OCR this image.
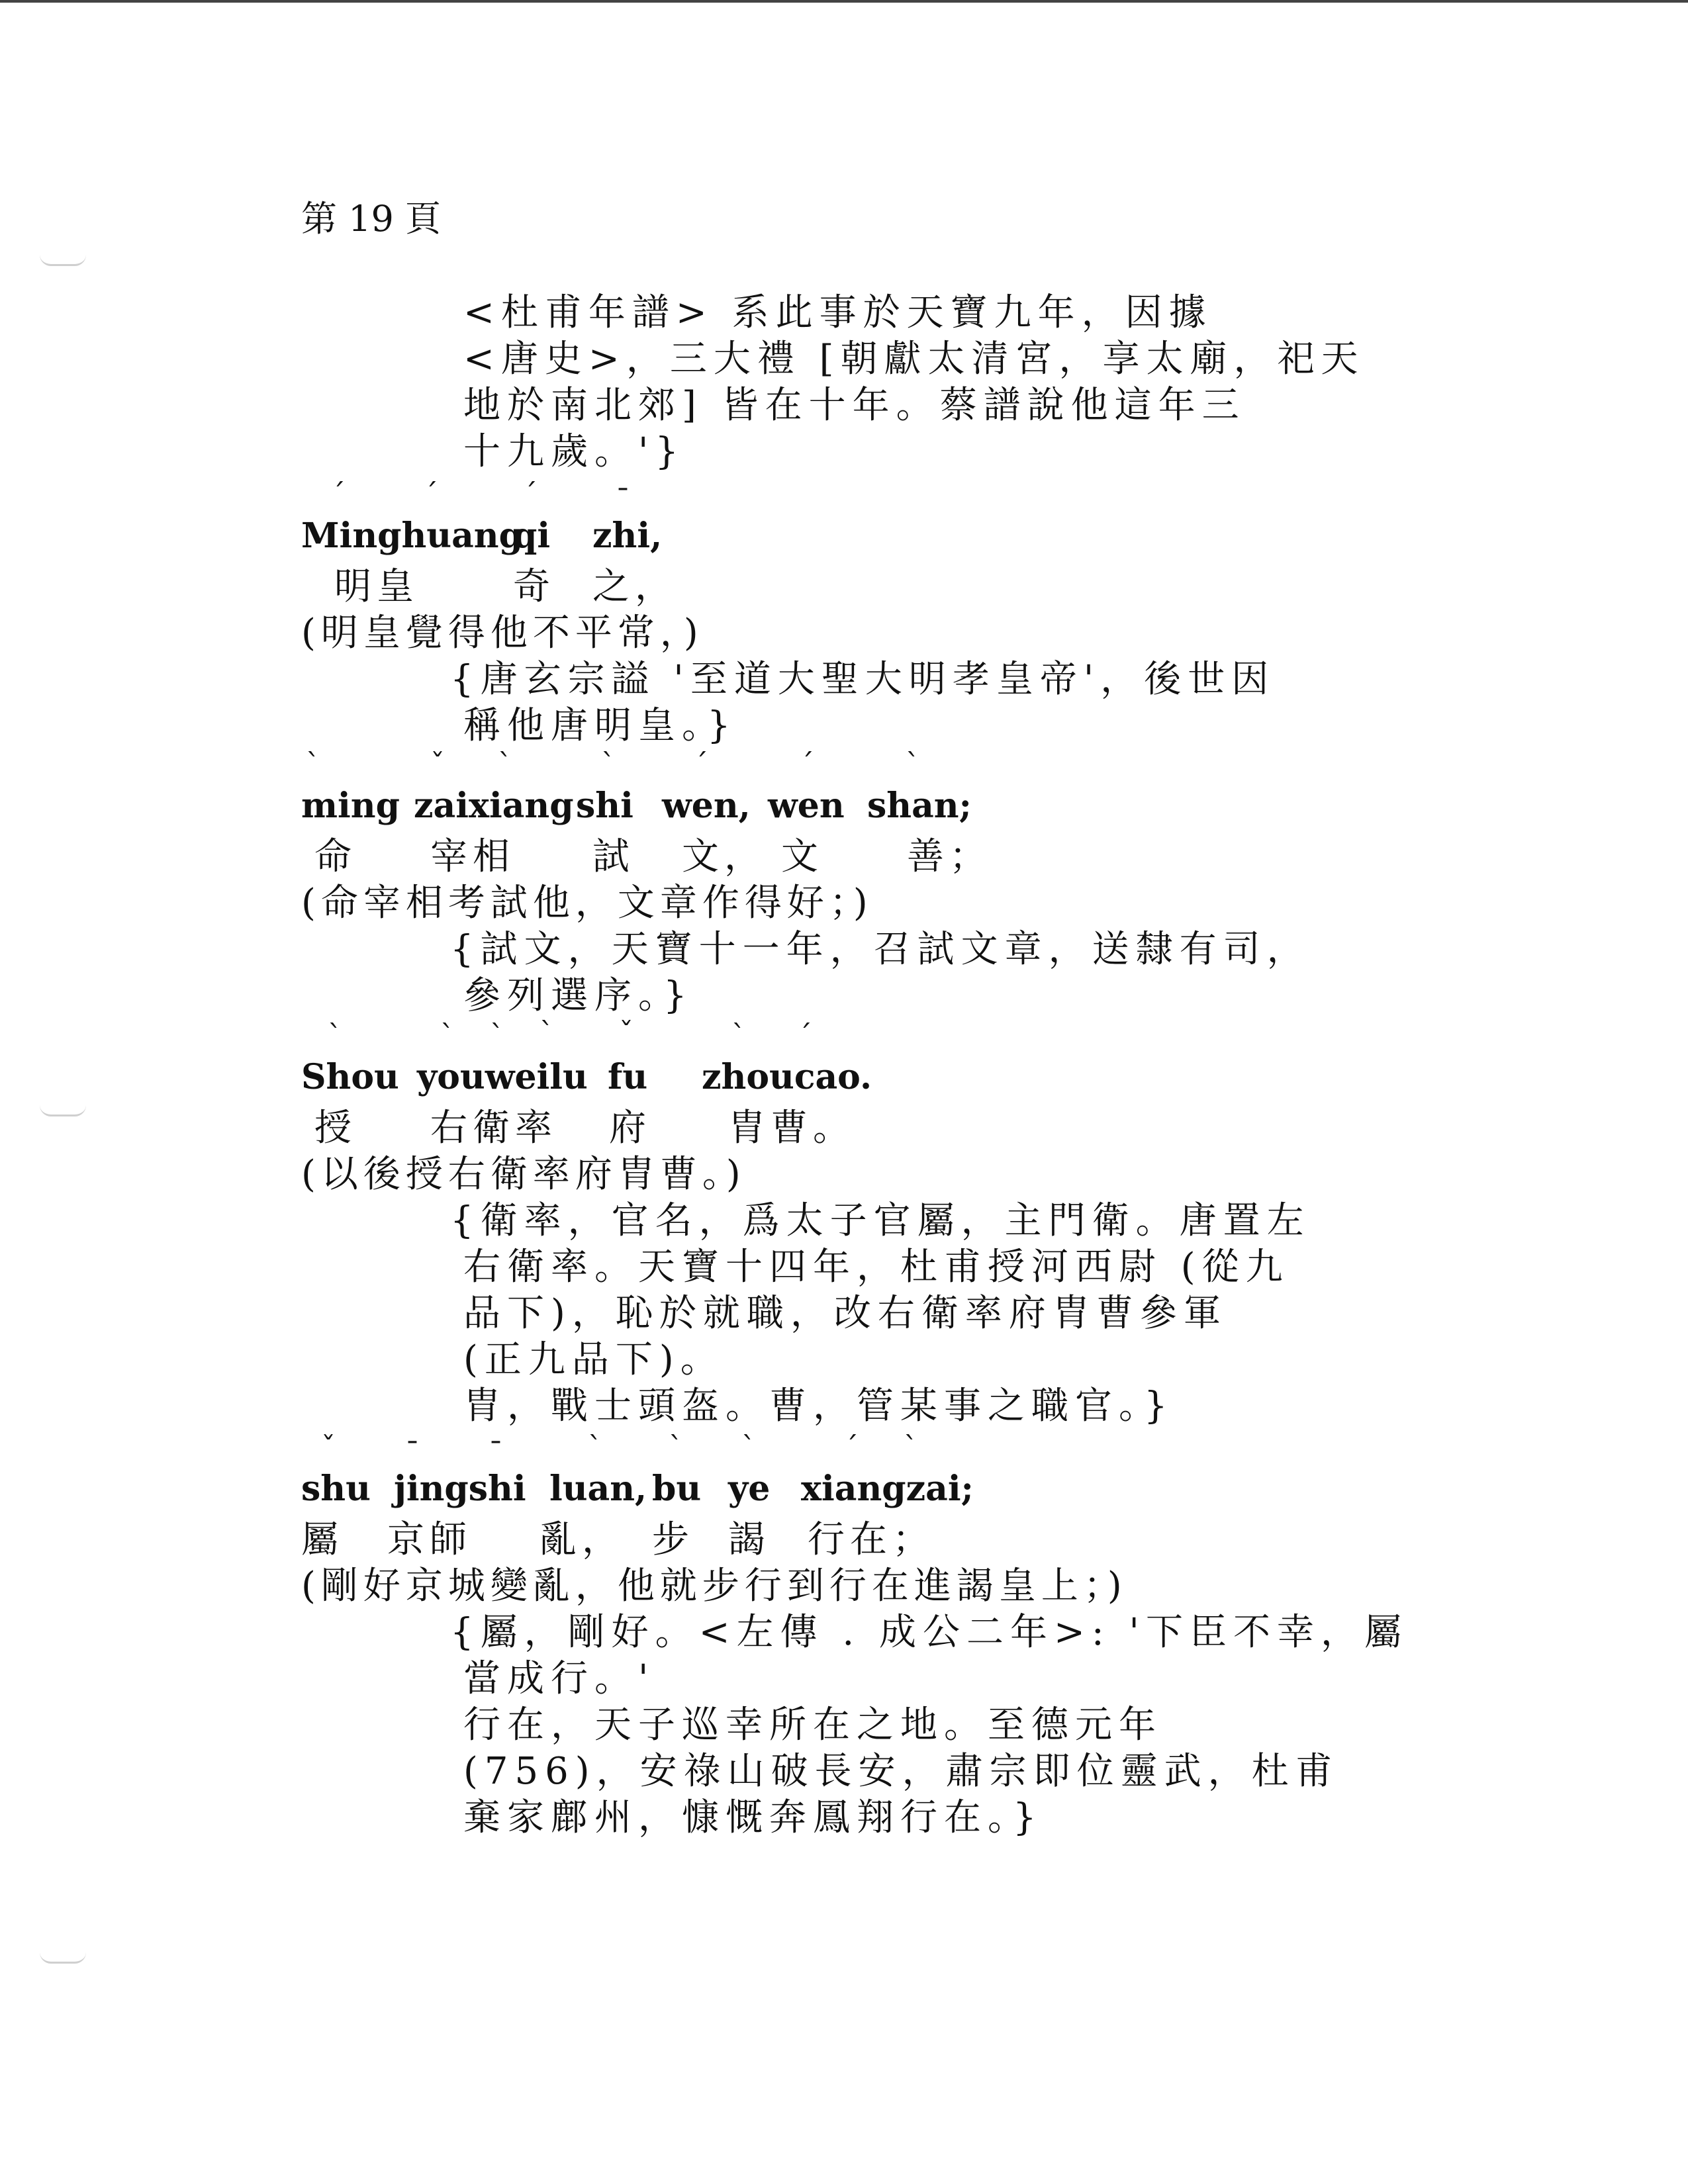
第 19 頁
<杜甫年譜> 系此事於天寶九年，因據
<唐史>，三大禮 [朝獻太清宮，享太廟，祀天
地於南北郊] 皆在十年。蔡譜說他這年三
十九歲。'}
Minghuang
ˊ	ˊ
qi
ˊ
zhi,
ˉ
明皇	奇 之，
(明皇覺得他不平常，)
{唐玄宗謚 '至道大聖大明孝皇帝'，後世因
稱他唐明皇。}
ming
ˋ
zaixiang
ˇ ˋ
shi
ˋ
wen,
ˊ
wen
ˊ
shan;
ˋ
命 宰相 試 文， 文 善；
(命宰相考試他，文章作得好；)
{試文，天寶十一年，召試文章，送隸有司，
參列選序。}
Shou
ˋ
youweilu
ˋ ˋ ˋ
fu
ˇ
zhoucao.
ˋ ˊ
授 右衛率 府 胄曹。
(以後授右衛率府胄曹。)
{衛率，官名，爲太子官屬，主門衛。唐置左
右衛率。天寶十四年，杜甫授河西尉 (從九
品下)，恥於就職，改右衛率府胄曹參軍
(正九品下)。
胄，戰士頭盔。曹，管某事之職官。}
shu
ˇ
jingshi
ˉ ˉ
luan,
ˋ
bu
ˋ
ye
ˋ
xiangzai;
ˊ ˋ
屬 京師 亂， 步 謁 行在；
(剛好京城變亂，他就步行到行在進謁皇上；)
{屬，剛好。<左傳 . 成公二年>: '下臣不幸，屬
當成行。'
行在，天子巡幸所在之地。至德元年
(756)，安祿山破長安，肅宗即位靈武，杜甫
棄家鄜州，慷慨奔鳳翔行在。}
